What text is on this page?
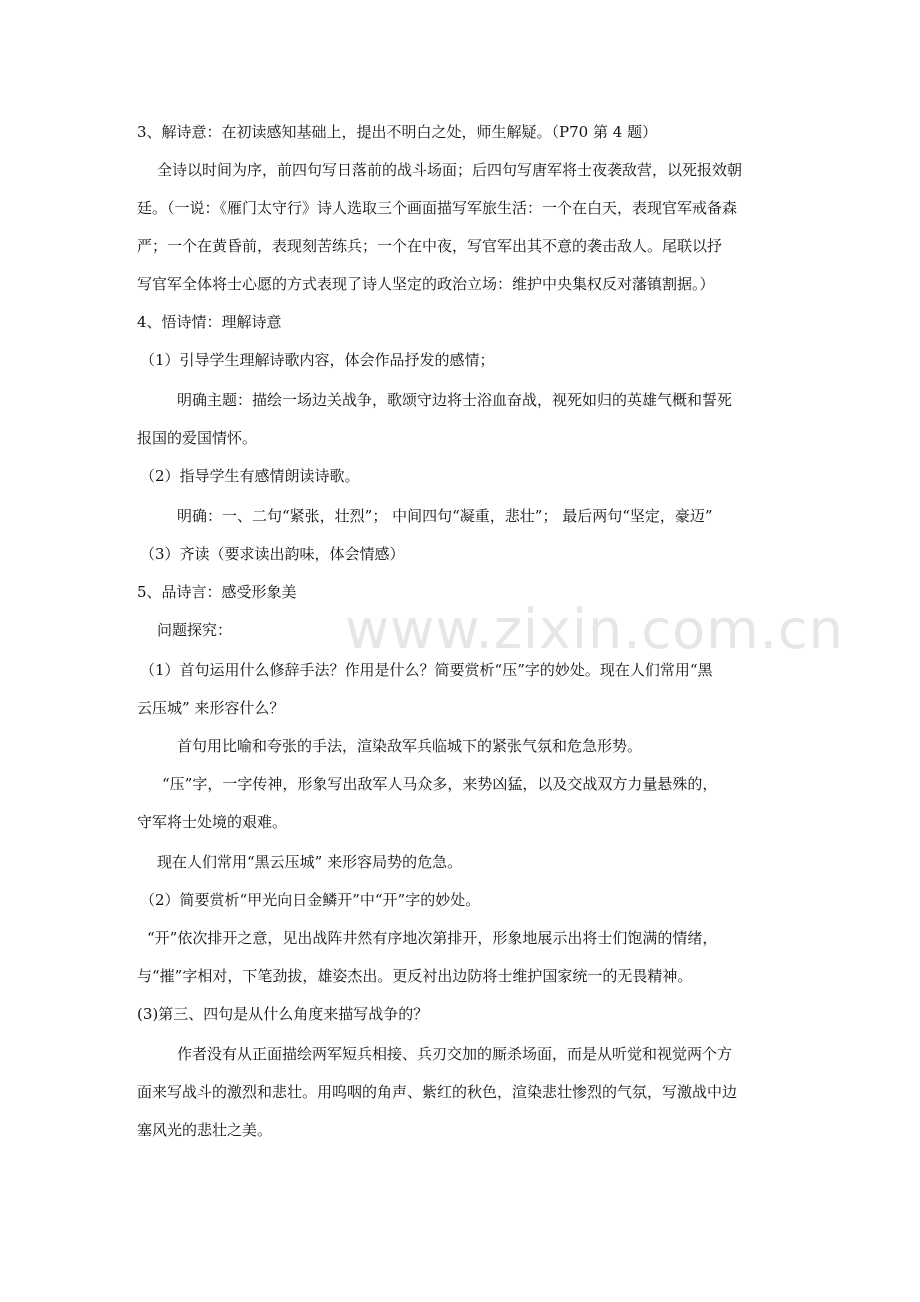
3、解诗意：在初读感知基础上，提出不明白之处，师生解疑。（P70 第 4 题）
全诗以时间为序，前四句写日落前的战斗场面；后四句写唐军将士夜袭敌营，以死报效朝
廷。（一说：《雁门太守行》诗人选取三个画面描写军旅生活：一个在白天，表现官军戒备森
严；一个在黄昏前，表现刻苦练兵；一个在中夜，写官军出其不意的袭击敌人。尾联以抒
写官军全体将士心愿的方式表现了诗人坚定的政治立场：维护中央集权反对藩镇割据。）
4、悟诗情：理解诗意
（1）引导学生理解诗歌内容，体会作品抒发的感情；
明确主题：描绘一场边关战争，歌颂守边将士浴血奋战，视死如归的英雄气概和誓死
报国的爱国情怀。
（2）指导学生有感情朗读诗歌。
明确：一、二句“紧张，壮烈”； 中间四句“凝重，悲壮”； 最后两句“坚定，豪迈”
（3）齐读（要求读出韵味，体会情感）
5、品诗言：感受形象美
问题探究：
（1）首句运用什么修辞手法？作用是什么？简要赏析“压”字的妙处。现在人们常用“黑
云压城” 来形容什么？
首句用比喻和夸张的手法，渲染敌军兵临城下的紧张气氛和危急形势。
“压”字，一字传神，形象写出敌军人马众多，来势凶猛，以及交战双方力量悬殊的，
守军将士处境的艰难。
现在人们常用“黑云压城” 来形容局势的危急。
（2）简要赏析“甲光向日金鳞开”中“开”字的妙处。
“开”依次排开之意，见出战阵井然有序地次第排开，形象地展示出将士们饱满的情绪，
与“摧”字相对，下笔劲拔，雄姿杰出。更反衬出边防将士维护国家统一的无畏精神。
(3)第三、四句是从什么角度来描写战争的？
作者没有从正面描绘两军短兵相接、兵刃交加的厮杀场面，而是从听觉和视觉两个方
面来写战斗的激烈和悲壮。用呜咽的角声、紫红的秋色，渲染悲壮惨烈的气氛，写激战中边
塞风光的悲壮之美。
www.zixin.com.cn
